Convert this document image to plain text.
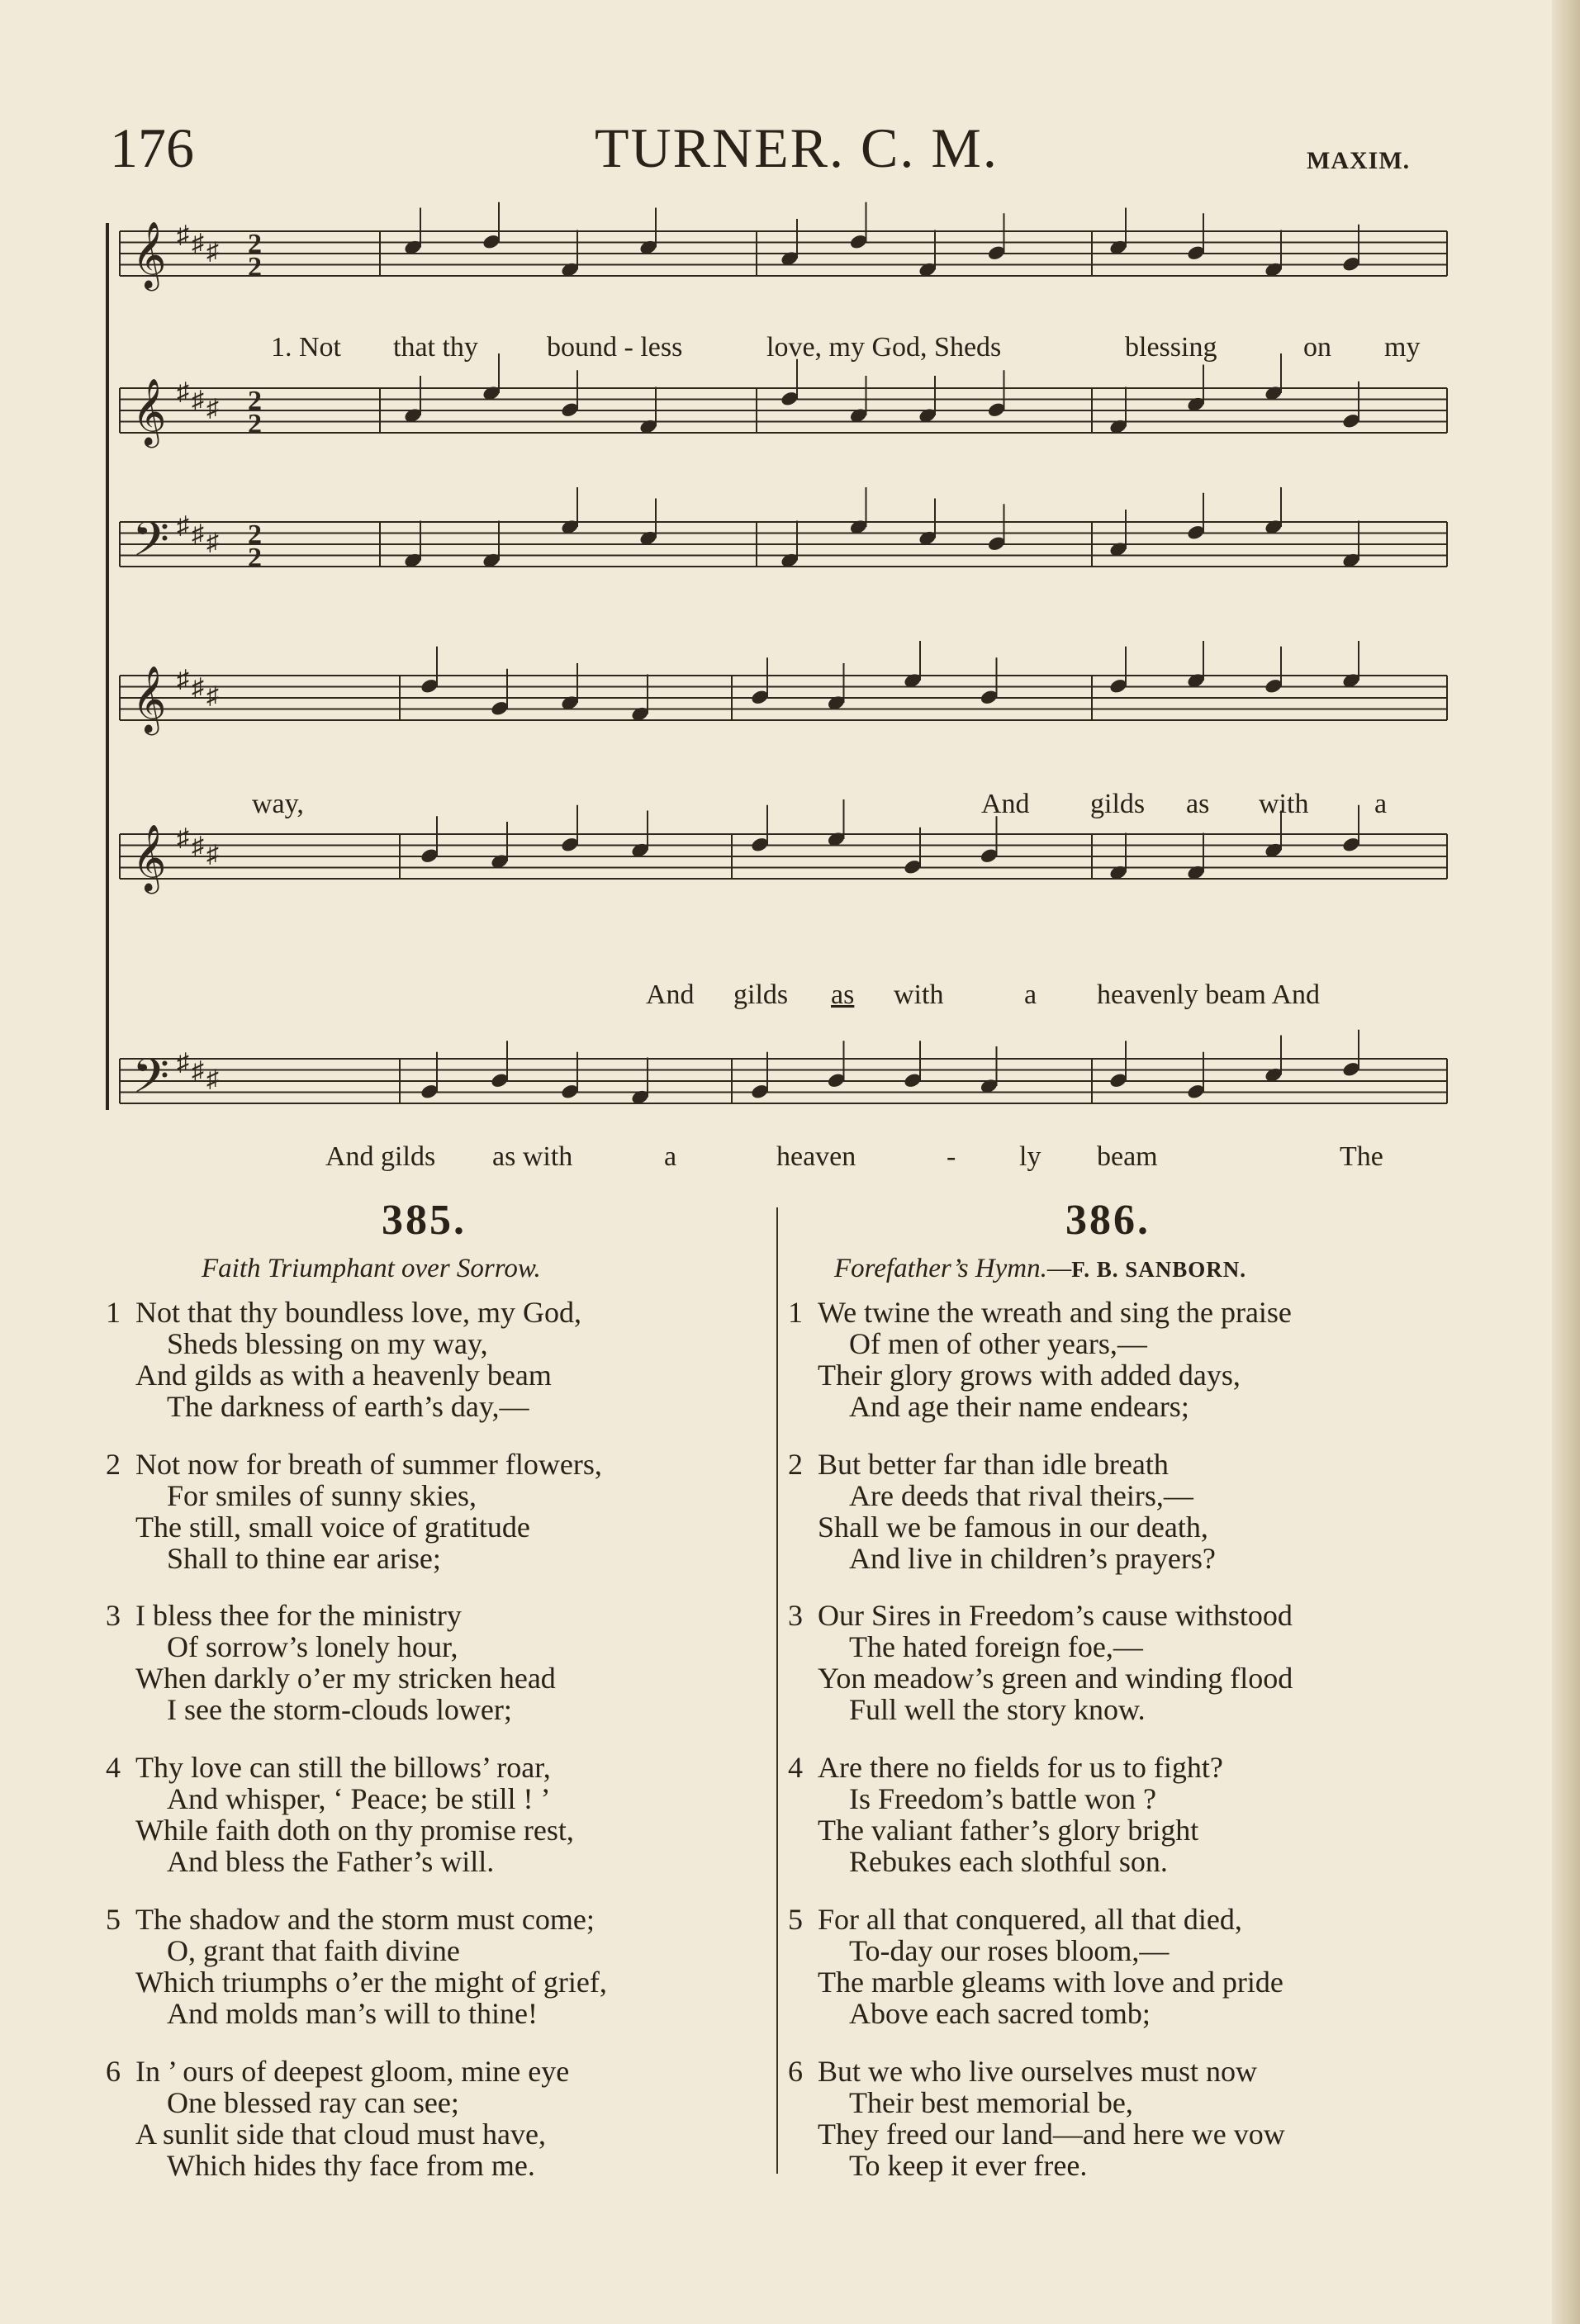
176	TURNER. C. M.	MAXIM.
𝄞 ♯ ♯ ♯ 2
2
𝄞 ♯ ♯ ♯ 2
2
𝄢 ♯ ♯ ♯ 2
2
𝄞 ♯ ♯ ♯
𝄞 ♯ ♯ ♯
𝄢 ♯ ♯ ♯
1. Not that thy bound - less	love, my God, Sheds	blessing	on my
way,	And gilds as with a
And gilds as with	a heavenly beam And
And gilds as with	a	heaven	- ly beam	The
385.
Faith Triumphant over Sorrow.
386.
Forefather’s Hymn.—F. B. SANBORN.
1 Not that thy boundless love, my God,
Sheds blessing on my way,
And gilds as with a heavenly beam
The darkness of earth’s day,—
2 Not now for breath of summer flowers,
For smiles of sunny skies,
The still, small voice of gratitude
Shall to thine ear arise;
3 I bless thee for the ministry
Of sorrow’s lonely hour,
When darkly o’er my stricken head
I see the storm-clouds lower;
4 Thy love can still the billows’ roar,
And whisper, ‘ Peace; be still ! ’
While faith doth on thy promise rest,
And bless the Father’s will.
5 The shadow and the storm must come;
O, grant that faith divine
Which triumphs o’er the might of grief,
And molds man’s will to thine!
6 In ’ ours of deepest gloom, mine eye
One blessed ray can see;
A sunlit side that cloud must have,
Which hides thy face from me.
1 We twine the wreath and sing the praise
Of men of other years,—
Their glory grows with added days,
And age their name endears;
2 But better far than idle breath
Are deeds that rival theirs,—
Shall we be famous in our death,
And live in children’s prayers?
3 Our Sires in Freedom’s cause withstood
The hated foreign foe,—
Yon meadow’s green and winding flood
Full well the story know.
4 Are there no fields for us to fight?
Is Freedom’s battle won ?
The valiant father’s glory bright
Rebukes each slothful son.
5 For all that conquered, all that died,
To-day our roses bloom,—
The marble gleams with love and pride
Above each sacred tomb;
6 But we who live ourselves must now
Their best memorial be,
They freed our land—and here we vow
To keep it ever free.
